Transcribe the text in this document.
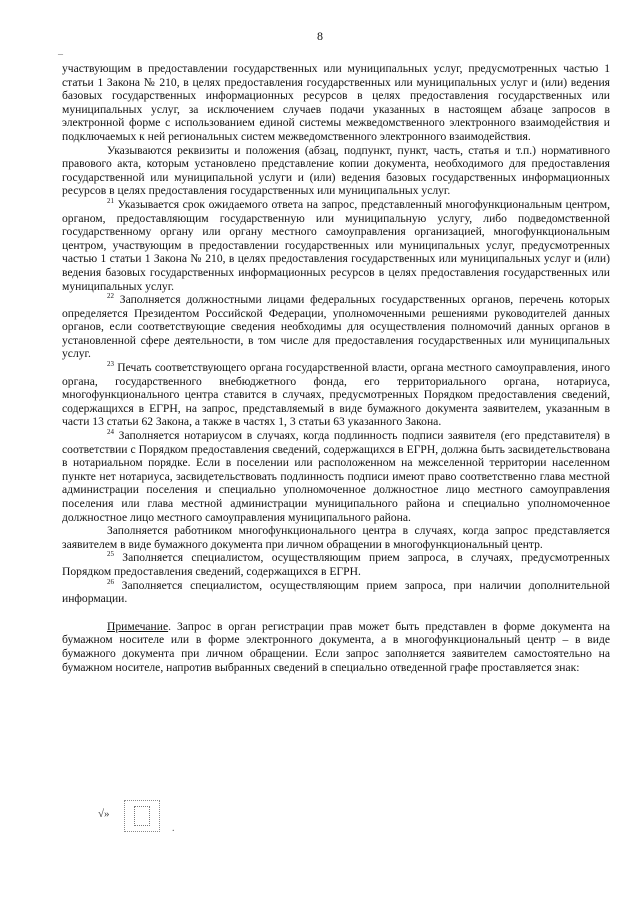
–
8

участвующим в предоставлении государственных или муниципальных услуг, предусмотренных частью 1 статьи 1 Закона № 210, в целях предоставления государственных или муниципальных услуг и (или) ведения базовых государственных информационных ресурсов в целях предоставления государственных или муниципальных услуг, за исключением случаев подачи указанных в настоящем абзаце запросов в электронной форме с использованием единой системы межведомственного электронного взаимодействия и подключаемых к ней региональных систем межведомственного электронного взаимодействия.

Указываются реквизиты и положения (абзац, подпункт, пункт, часть, статья и т.п.) нормативного правового акта, которым установлено представление копии документа, необходимого для предоставления государственной или муниципальной услуги и (или) ведения базовых государственных информационных ресурсов в целях предоставления государственных или муниципальных услуг.

$^{21}$ Указывается срок ожидаемого ответа на запрос, представленный многофункциональным центром, органом, предоставляющим государственную или муниципальную услугу, либо подведомственной государственному органу или органу местного самоуправления организацией, многофункциональным центром, участвующим в предоставлении государственных или муниципальных услуг, предусмотренных частью 1 статьи 1 Закона № 210, в целях предоставления государственных или муниципальных услуг и (или) ведения базовых государственных информационных ресурсов в целях предоставления государственных или муниципальных услуг.

$^{22}$ Заполняется должностными лицами федеральных государственных органов, перечень которых определяется Президентом Российской Федерации, уполномоченными решениями руководителей данных органов, если соответствующие сведения необходимы для осуществления полномочий данных органов в установленной сфере деятельности, в том числе для предоставления государственных или муниципальных услуг.

$^{23}$ Печать соответствующего органа государственной власти, органа местного самоуправления, иного органа, государственного внебюджетного фонда, его территориального органа, нотариуса, многофункционального центра ставится в случаях, предусмотренных Порядком предоставления сведений, содержащихся в ЕГРН, на запрос, представляемый в виде бумажного документа заявителем, указанным в части 13 статьи 62 Закона, а также в частях 1, 3 статьи 63 указанного Закона.

$^{24}$ Заполняется нотариусом в случаях, когда подлинность подписи заявителя (его представителя) в соответствии с Порядком предоставления сведений, содержащихся в ЕГРН, должна быть засвидетельствована в нотариальном порядке. Если в поселении или расположенном на межселенной территории населенном пункте нет нотариуса, засвидетельствовать подлинность подписи имеют право соответственно глава местной администрации поселения и специально уполномоченное должностное лицо местного самоуправления поселения или глава местной администрации муниципального района и специально уполномоченное должностное лицо местного самоуправления муниципального района.

Заполняется работником многофункционального центра в случаях, когда запрос представляется заявителем в виде бумажного документа при личном обращении в многофункциональный центр.

$^{25}$ Заполняется специалистом, осуществляющим прием запроса, в случаях, предусмотренных Порядком предоставления сведений, содержащихся в ЕГРН.

$^{26}$ Заполняется специалистом, осуществляющим прием запроса, при наличии дополнительной информации.

Примечание. Запрос в орган регистрации прав может быть представлен в форме документа на бумажном носителе или в форме электронного документа, а в многофункциональный центр – в виде бумажного документа при личном обращении. Если запрос заполняется заявителем самостоятельно на бумажном носителе, напротив выбранных сведений в специально отведенной графе проставляется знак:

√»
.
